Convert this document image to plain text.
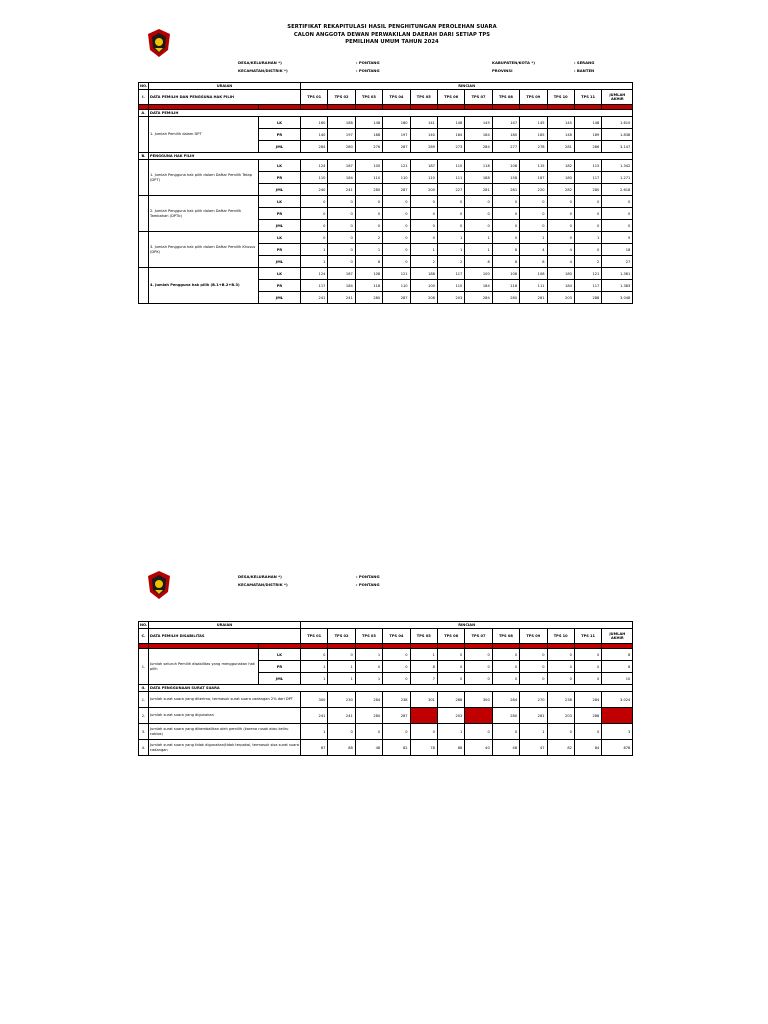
SERTIFIKAT REKAPITULASI HASIL PENGHITUNGAN PEROLEHAN SUARA
CALON ANGGOTA DEWAN PERWAKILAN DAERAH DARI SETIAP TPS
PEMILIHAN UMUM TAHUN 2024
DESA/KELURAHAN *)	: PONTANG
KECAMATAN/DISTRIK *)	: PONTANG
KABUPATEN/KOTA *)	: SERANG
PROVINSI	: BANTEN
NO.	URAIAN		RINCIAN											
I.	DATA PEMILIH DAN PENGGUNA HAK PILIH		TPS 01	TPS 02	TPS 03	TPS 04	TPS 05	TPS 06	TPS 07	TPS 08	TPS 09	TPS 10	TPS 11	JUMLAH AKHIR

A.	DATA PEMILIH													
	1. Jumlah Pemilih dalam DPT	LK	160	188	148	180	141	148	145	147	145	145	148	1.610
		PR	140	197	188	197	140	184	184	180	185	148	189	1.838
		JML	284	280	276	287	289	273	284	277	278	281	286	3.147
B.	PENGGUNA HAK PILIH													
	1. Jumlah Pengguna hak pilih dalam Daftar Pemilih Tetap (DPT)	LK	124	187	100	121	187	110	118	108	115	182	115	1.342
		PR	110	184	110	110	110	111	188	158	187	180	117	1.271
		JML	240	241	280	287	200	227	281	281	220	282	280	2.618
	2. Jumlah Pengguna hak pilih dalam Daftar Pemilih Tambahan (DPTb)	LK	0	0	0	0	0	0	0	0	0	0	0	0
		PR	0	0	0	0	0	0	0	0	0	0	0	0
		JML	0	0	0	0	0	0	0	0	0	0	0	0
	3. Jumlah Pengguna hak pilih dalam Daftar Pemilih Khusus (DPK)	LK	0	0	2	0	0	1	1	0	1	0	1	9
		PR	1	0	1	0	1	1	1	8	4	4	0	18
		JML	1	0	8	0	2	2	8	8	8	4	2	27
	4. Jumlah Pengguna hak pilih (B.1+B.2+B.3)	LK	124	187	108	121	188	117	100	108	108	180	121	1.381
		PR	117	184	118	110	100	110	184	118	111	184	117	1.383
		JML	241	241	280	287	208	203	284	280	281	203	288	3.048
DESA/KELURAHAN *)	: PONTANG
KECAMATAN/DISTRIK *)	: PONTANG
NO.	URAIAN		RINCIAN											
C.	DATA PEMILIH DISABILITAS		TPS 01	TPS 02	TPS 03	TPS 04	TPS 05	TPS 06	TPS 07	TPS 08	TPS 09	TPS 10	TPS 11	JUMLAH AKHIR

1.	Jumlah seluruh Pemilih disabilitas yang menggunakan hak pilih	LK	0	0	1	0	1	0	0	0	0	0	0	8
		PR	1	1	0	0	8	0	0	0	0	0	0	8
		JML	1	1	1	0	7	0	0	0	0	0	0	10
II.	DATA PENGGUNAAN SURAT SUARA													
1.	Jumlah surat suara yang diterima, termasuk surat suara cadangan 2% dari DPT		300	230	284	238	301	288	300	284	270	238	284	3.024
2.	Jumlah surat suara yang digunakan		241	241	280	287	208	203	284	280	281	203	288	3.048
3.	Jumlah surat suara yang dikembalikan oleh pemilih (karena rusak atau keliru coblos)		1	0	0	0	0	1	0	0	1	0	0	3
4.	Jumlah surat suara yang tidak digunakan/tidak terpakai, termasuk sisa surat suara cadangan		87	88	48	82	78	88	40	48	47	82	84	678
